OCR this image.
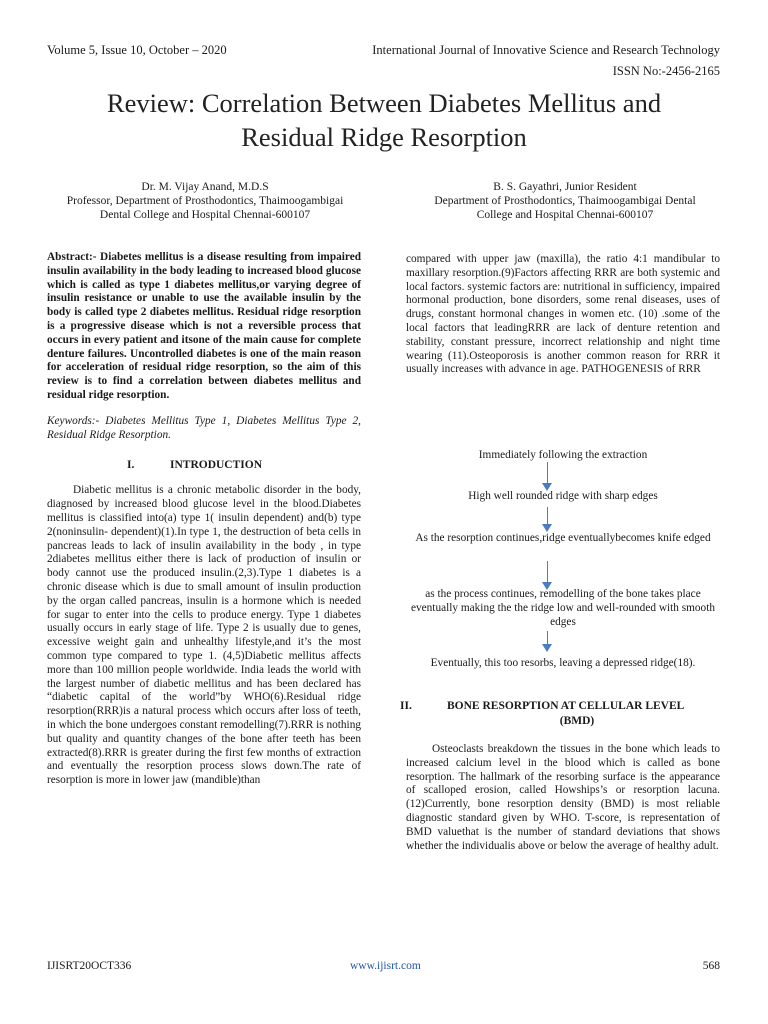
Volume 5, Issue 10, October – 2020	International Journal of Innovative Science and Research Technology
ISSN No:-2456-2165
Review: Correlation Between Diabetes Mellitus and
Residual Ridge Resorption
Dr. M. Vijay Anand, M.D.S
Professor, Department of Prosthodontics, Thaimoogambigai
Dental College and Hospital Chennai-600107
B. S. Gayathri, Junior Resident
Department of Prosthodontics, Thaimoogambigai Dental
College and Hospital Chennai-600107

Abstract:- Diabetes mellitus is a disease resulting from impaired insulin availability in the body leading to increased blood glucose which is called as type 1 diabetes mellitus,or varying degree of insulin resistance or unable to use the available insulin by the body is called type 2 diabetes mellitus. Residual ridge resorption is a progressive disease which is not a reversible process that occurs in every patient and itsone of the main cause for complete denture failures. Uncontrolled diabetes is one of the main reason for acceleration of residual ridge resorption, so the aim of this review is to find a correlation between diabetes mellitus and residual ridge resorption.

Keywords:- Diabetes Mellitus Type 1, Diabetes Mellitus Type 2, Residual Ridge Resorption.

I.	INTRODUCTION

Diabetic mellitus is a chronic metabolic disorder in the body, diagnosed by increased blood glucose level in the blood.Diabetes mellitus is classified into(a) type 1( insulin dependent) and(b) type 2(noninsulin- dependent)(1).In type 1, the destruction of beta cells in pancreas leads to lack of insulin availability in the body , in type 2diabetes mellitus either there is lack of production of insulin or body cannot use the produced insulin.(2,3).Type 1 diabetes is a chronic disease which is due to small amount of insulin production by the organ called pancreas, insulin is a hormone which is needed for sugar to enter into the cells to produce energy. Type 1 diabetes usually occurs in early stage of life. Type 2 is usually due to genes, excessive weight gain and unhealthy lifestyle,and it’s the most common type compared to type 1. (4,5)Diabetic mellitus affects more than 100 million people worldwide. India leads the world with the largest number of diabetic mellitus and has been declared has “diabetic capital of the world”by WHO(6).Residual ridge resorption(RRR)is a natural process which occurs after loss of teeth, in which the bone undergoes constant remodelling(7).RRR is nothing but quality and quantity changes of the bone after teeth has been extracted(8).RRR is greater during the first few months of extraction and eventually the resorption process slows down.The rate of resorption is more in lower jaw (mandible)than

compared with upper jaw (maxilla), the ratio 4:1 mandibular to maxillary resorption.(9)Factors affecting RRR are both systemic and local factors. systemic factors are: nutritional in sufficiency, impaired hormonal production, bone disorders, some renal diseases, uses of drugs, constant hormonal changes in women etc. (10) .some of the local factors that leadingRRR are lack of denture retention and stability, constant pressure, incorrect relationship and night time wearing (11).Osteoporosis is another common reason for RRR it usually increases with advance in age. PATHOGENESIS of RRR

Immediately following the extraction
High well rounded ridge with sharp edges
As the resorption continues,ridge eventuallybecomes knife edged
as the process continues, remodelling of the bone takes place eventually making the the ridge low and well-rounded with smooth edges
Eventually, this too resorbs, leaving a depressed ridge(18).
II.	BONE RESORPTION AT CELLULAR LEVEL
(BMD)

Osteoclasts breakdown the tissues in the bone which leads to increased calcium level in the blood which is called as bone resorption. The hallmark of the resorbing surface is the appearance of scalloped erosion, called Howships’s or resorption lacuna.(12)Currently, bone resorption density (BMD) is most reliable diagnostic standard given by WHO. T-score, is representation of BMD valuethat is the number of standard deviations that shows whether the individualis above or below the average of healthy adult.

IJISRT20OCT336	www.ijisrt.com	568
